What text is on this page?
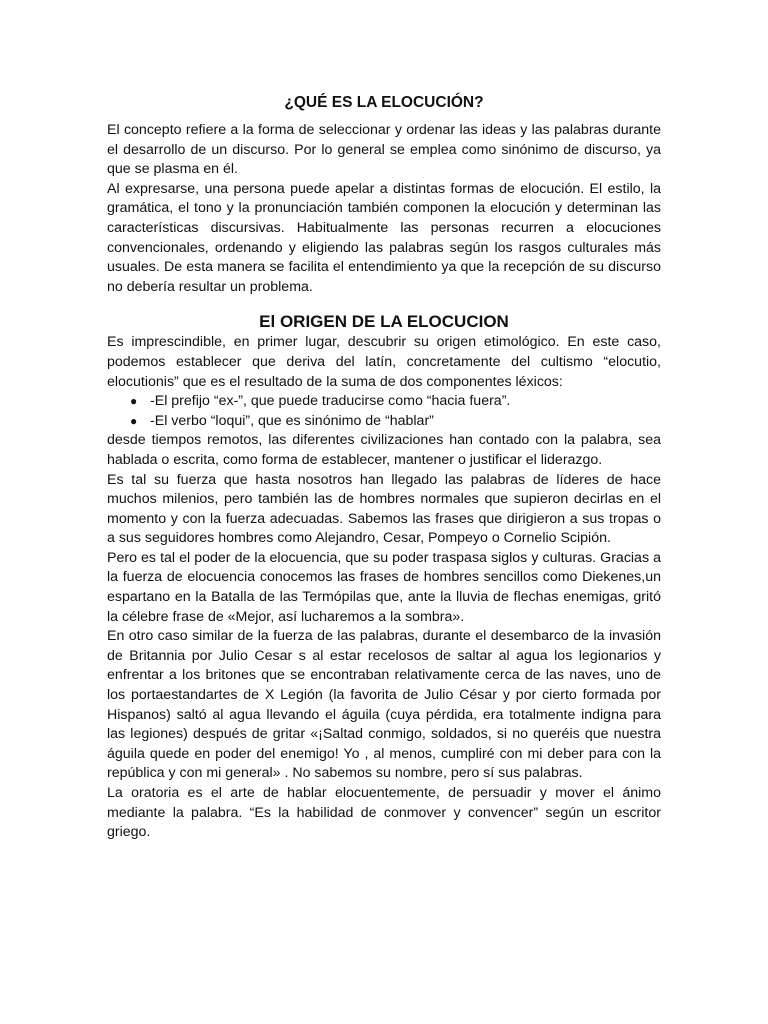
¿QUÉ ES LA ELOCUCIÓN?

El concepto refiere a la forma de seleccionar y ordenar las ideas y las palabras durante el desarrollo de un discurso. Por lo general se emplea como sinónimo de discurso, ya que se plasma en él.

Al expresarse, una persona puede apelar a distintas formas de elocución. El estilo, la gramática, el tono y la pronunciación también componen la elocución y determinan las características discursivas. Habitualmente las personas recurren a elocuciones convencionales, ordenando y eligiendo las palabras según los rasgos culturales más usuales. De esta manera se facilita el entendimiento ya que la recepción de su discurso no debería resultar un problema.

El ORIGEN DE LA ELOCUCION

Es imprescindible, en primer lugar, descubrir su origen etimológico. En este caso, podemos establecer que deriva del latín, concretamente del cultismo “elocutio, elocutionis” que es el resultado de la suma de dos componentes léxicos:

● -El prefijo “ex-”, que puede traducirse como “hacia fuera”.
● -El verbo “loqui”, que es sinónimo de “hablar”

desde tiempos remotos, las diferentes civilizaciones han contado con la palabra, sea hablada o escrita, como forma de establecer, mantener o justificar el liderazgo.

Es tal su fuerza que hasta nosotros han llegado las palabras de líderes de hace muchos milenios, pero también las de hombres normales que supieron decirlas en el momento y con la fuerza adecuadas. Sabemos las frases que dirigieron a sus tropas o a sus seguidores hombres como Alejandro, Cesar, Pompeyo o Cornelio Scipión.

Pero es tal el poder de la elocuencia, que su poder traspasa siglos y culturas. Gracias a la fuerza de elocuencia conocemos las frases de hombres sencillos como Diekenes,un espartano en la Batalla de las Termópilas que, ante la lluvia de flechas enemigas, gritó la célebre frase de «Mejor, así lucharemos a la sombra».

En otro caso similar de la fuerza de las palabras, durante el desembarco de la invasión de Britannia por Julio Cesar s al estar recelosos de saltar al agua los legionarios y enfrentar a los britones que se encontraban relativamente cerca de las naves, uno de los portaestandartes de X Legión (la favorita de Julio César y por cierto formada por Hispanos) saltó al agua llevando el águila (cuya pérdida, era totalmente indigna para las legiones) después de gritar «¡Saltad conmigo, soldados, si no queréis que nuestra águila quede en poder del enemigo! Yo , al menos, cumpliré con mi deber para con la república y con mi general» . No sabemos su nombre, pero sí sus palabras.

La oratoria es el arte de hablar elocuentemente, de persuadir y mover el ánimo mediante la palabra. “Es la habilidad de conmover y convencer” según un escritor griego.
